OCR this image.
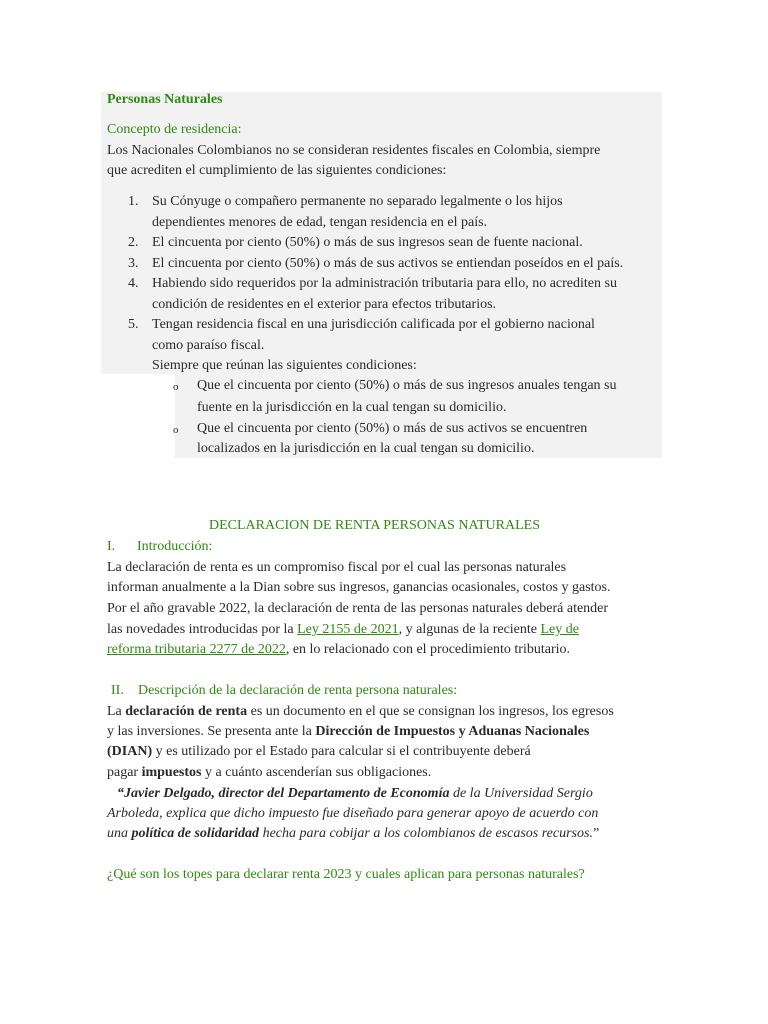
Personas Naturales
Concepto de residencia:
Los Nacionales Colombianos no se consideran residentes fiscales en Colombia, siempre
que acrediten el cumplimiento de las siguientes condiciones:
1. Su Cónyuge o compañero permanente no separado legalmente o los hijos
dependientes menores de edad, tengan residencia en el país.
2. El cincuenta por ciento (50%) o más de sus ingresos sean de fuente nacional.
3. El cincuenta por ciento (50%) o más de sus activos se entiendan poseídos en el país.
4. Habiendo sido requeridos por la administración tributaria para ello, no acrediten su
condición de residentes en el exterior para efectos tributarios.
5. Tengan residencia fiscal en una jurisdicción calificada por el gobierno nacional
como paraíso fiscal.
Siempre que reúnan las siguientes condiciones:
o Que el cincuenta por ciento (50%) o más de sus ingresos anuales tengan su
fuente en la jurisdicción en la cual tengan su domicilio.
o Que el cincuenta por ciento (50%) o más de sus activos se encuentren
localizados en la jurisdicción en la cual tengan su domicilio.
DECLARACION DE RENTA PERSONAS NATURALES
I. Introducción:
La declaración de renta es un compromiso fiscal por el cual las personas naturales
informan anualmente a la Dian sobre sus ingresos, ganancias ocasionales, costos y gastos.
Por el año gravable 2022, la declaración de renta de las personas naturales deberá atender
las novedades introducidas por la Ley 2155 de 2021, y algunas de la reciente Ley de
reforma tributaria 2277 de 2022, en lo relacionado con el procedimiento tributario.
II. Descripción de la declaración de renta persona naturales:
La declaración de renta es un documento en el que se consignan los ingresos, los egresos
y las inversiones. Se presenta ante la Dirección de Impuestos y Aduanas Nacionales
(DIAN) y es utilizado por el Estado para calcular si el contribuyente deberá
pagar impuestos y a cuánto ascenderían sus obligaciones.
“Javier Delgado, director del Departamento de Economía de la Universidad Sergio
Arboleda, explica que dicho impuesto fue diseñado para generar apoyo de acuerdo con
una política de solidaridad hecha para cobijar a los colombianos de escasos recursos.”
¿Qué son los topes para declarar renta 2023 y cuales aplican para personas naturales?
